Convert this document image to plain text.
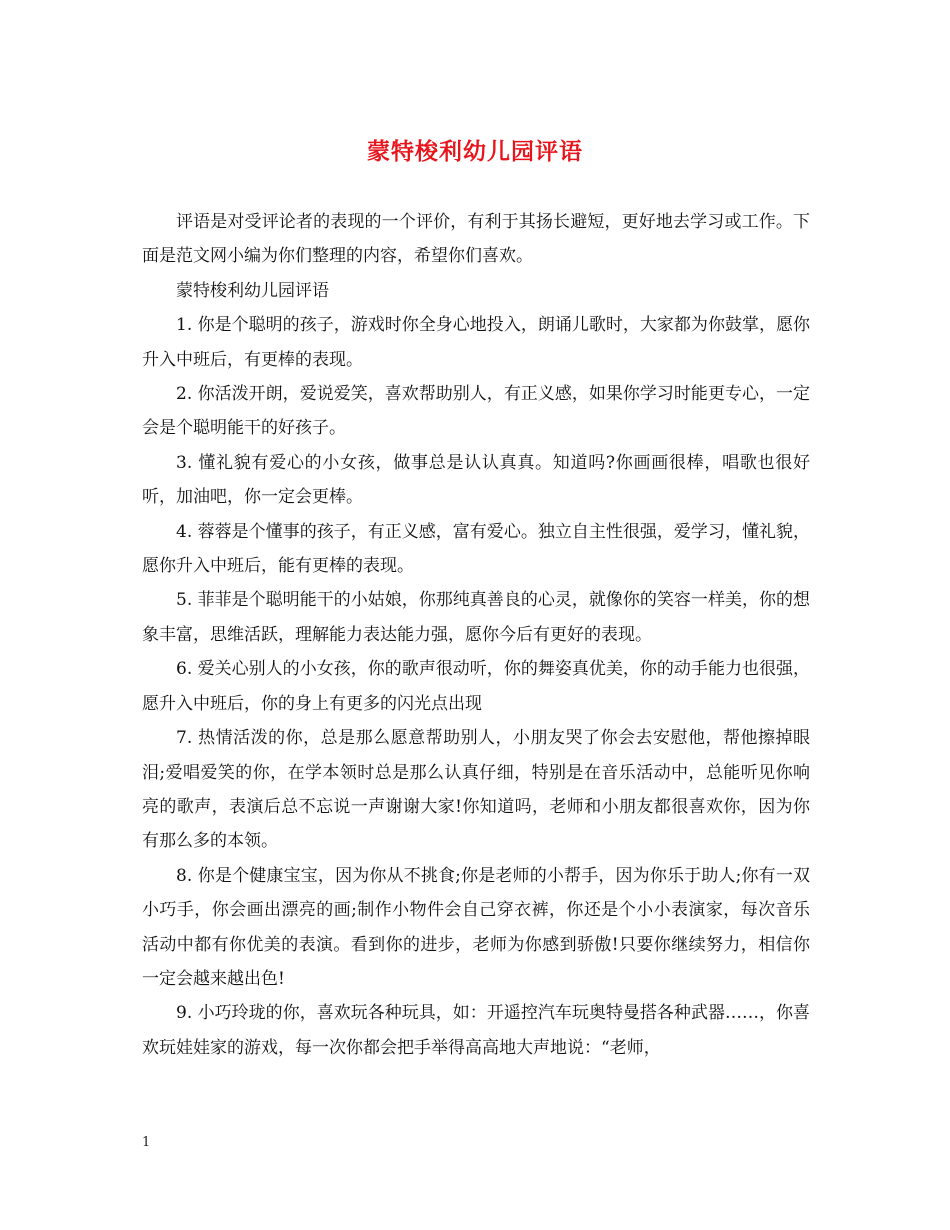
蒙特梭利幼儿园评语

评语是对受评论者的表现的一个评价，有利于其扬长避短，更好地去学习或工作。下面是范文网小编为你们整理的内容，希望你们喜欢。

蒙特梭利幼儿园评语

1. 你是个聪明的孩子，游戏时你全身心地投入，朗诵儿歌时，大家都为你鼓掌，愿你升入中班后，有更棒的表现。

2. 你活泼开朗，爱说爱笑，喜欢帮助别人，有正义感，如果你学习时能更专心，一定会是个聪明能干的好孩子。

3. 懂礼貌有爱心的小女孩，做事总是认认真真。知道吗?你画画很棒，唱歌也很好听，加油吧，你一定会更棒。

4. 蓉蓉是个懂事的孩子，有正义感，富有爱心。独立自主性很强，爱学习，懂礼貌，愿你升入中班后，能有更棒的表现。

5. 菲菲是个聪明能干的小姑娘，你那纯真善良的心灵，就像你的笑容一样美，你的想象丰富，思维活跃，理解能力表达能力强，愿你今后有更好的表现。

6. 爱关心别人的小女孩，你的歌声很动听，你的舞姿真优美，你的动手能力也很强，愿升入中班后，你的身上有更多的闪光点出现

7. 热情活泼的你，总是那么愿意帮助别人，小朋友哭了你会去安慰他，帮他擦掉眼泪;爱唱爱笑的你，在学本领时总是那么认真仔细，特别是在音乐活动中，总能听见你响亮的歌声，表演后总不忘说一声谢谢大家!你知道吗，老师和小朋友都很喜欢你，因为你有那么多的本领。

8. 你是个健康宝宝，因为你从不挑食;你是老师的小帮手，因为你乐于助人;你有一双小巧手，你会画出漂亮的画;制作小物件会自己穿衣裤，你还是个小小表演家，每次音乐活动中都有你优美的表演。看到你的进步，老师为你感到骄傲!只要你继续努力，相信你一定会越来越出色!

9. 小巧玲珑的你，喜欢玩各种玩具，如：开遥控汽车玩奥特曼搭各种武器……，你喜欢玩娃娃家的游戏，每一次你都会把手举得高高地大声地说：“老师，

1
